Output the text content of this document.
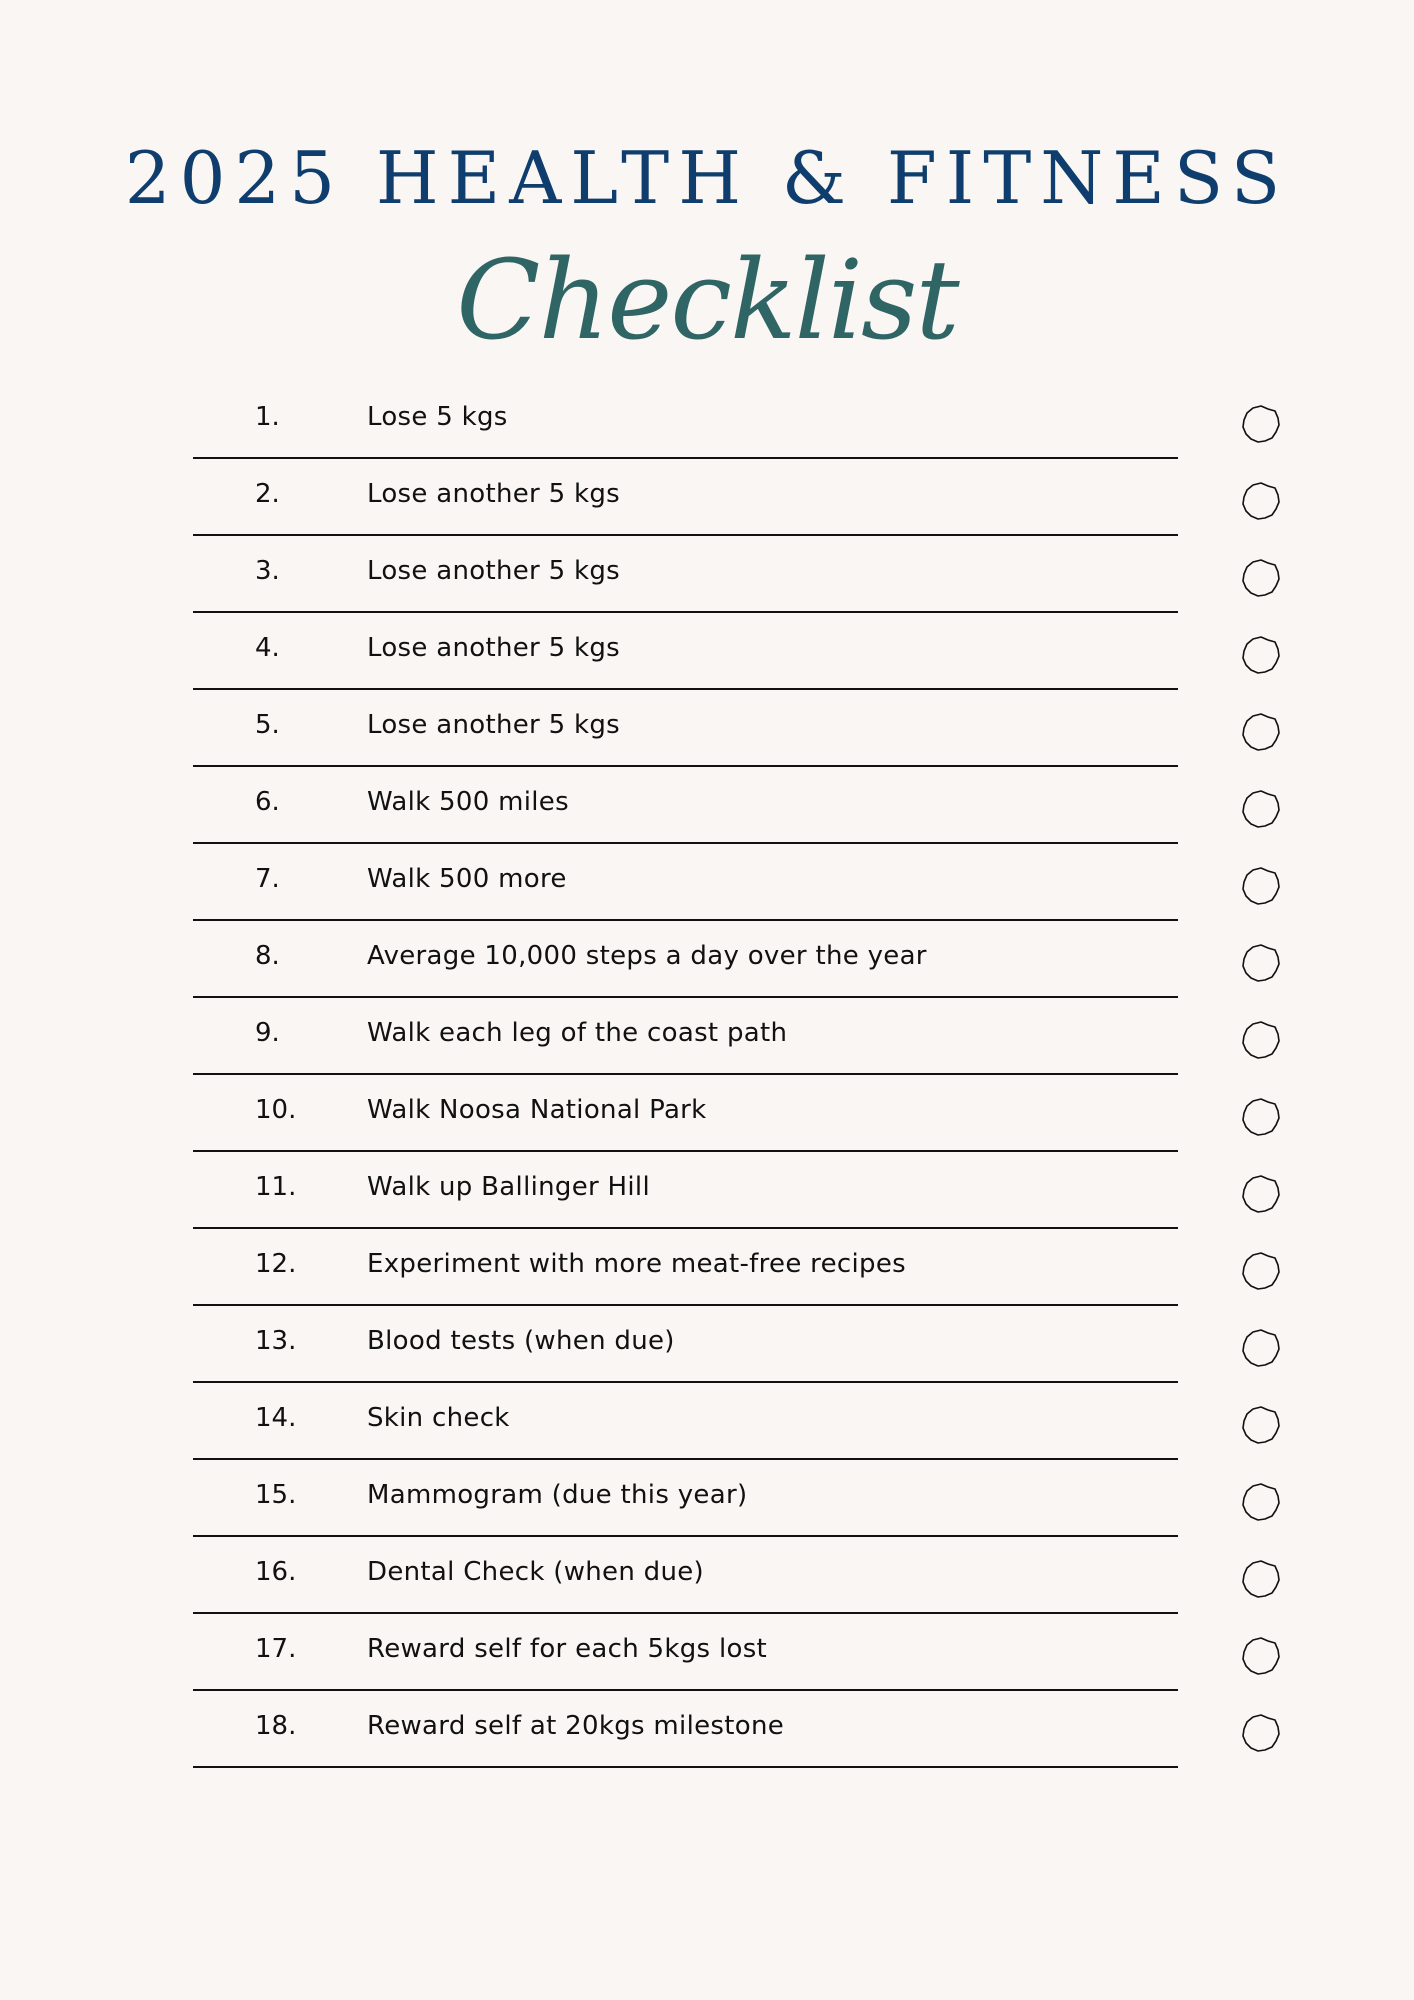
2025 HEALTH & FITNESS
Checklist
1.	Lose 5 kgs
2.	Lose another 5 kgs
3.	Lose another 5 kgs
4.	Lose another 5 kgs
5.	Lose another 5 kgs
6.	Walk 500 miles
7.	Walk 500 more
8.	Average 10,000 steps a day over the year
9.	Walk each leg of the coast path
10.	Walk Noosa National Park
11.	Walk up Ballinger Hill
12.	Experiment with more meat-free recipes
13.	Blood tests (when due)
14.	Skin check
15.	Mammogram (due this year)
16.	Dental Check (when due)
17.	Reward self for each 5kgs lost
18.	Reward self at 20kgs milestone
